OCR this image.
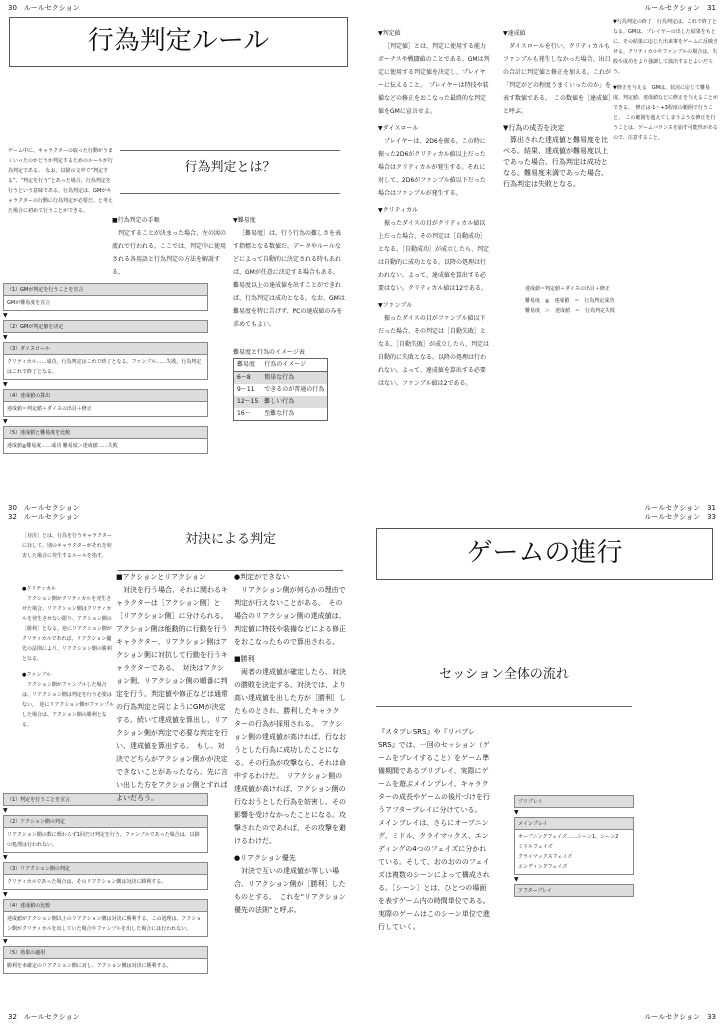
30　 ルールセクション	ルールセクション　 31
行為判定ルール
ゲーム中に、キャラクターの取った行動がうまくいったのかどうか判定するためのルールが行為判定である。　なお、以降の文中で“判定する”、“判定を行う”とあった場合、行為判定を行うという意味である。行為判定は、GMがキャラクターの行動に行為判定が必要だ、と考えた場合に初めて行うことができる。
行為判定とは？
（1）GMが判定を行うことを宣言
GMが難易度を宣言
▼
（2）GMが判定値を決定
▼
（3）ダイスロール
クリティカル……成功。行為判定はこれで終了となる。ファンブル……失敗。行為判定はこれで終了となる。
▼
（4）達成値の算出
達成値＝判定値＋ダイスの出目＋修正
▼
（5）達成値と難易度を比較
達成値≧難易度……成功 難易度＞達成値……失敗
■行為判定の手順
判定することが決まった場合、左の図の流れで行われる。ここでは、判定中に使用される各用語と行為判定の方法を解説する。
▼難易度
［難易度］は、行う行為の難しさを表す指標となる数値だ。データやルールなどによって自動的に決定される時もあれば、GMが任意に決定する場合もある。　難易度以上の達成値を出すことができれば、行為判定は成功となる。なお、GMは難易度を特に告げず、PCの達成値のみを求めてもよい。
難易度と行為のイメージ表
難易度	行為のイメージ
6〜8	簡単な行為
9〜11	できるのが普通の行為
12〜15	難しい行為
16〜	至難な行為
▼判定値
［判定値］とは、判定に使用する能力ボーナスや戦闘値のことである。GMは判定に使用する判定値を決定し、プレイヤーに伝えること。　プレイヤーは特技や装備などの修正をおこなった最終的な判定値をGMに宣言せよ。
▼ダイスロール
プレイヤーは、2D6を振る。この時に振った2D6がクリティカル値以上だった場合はクリティカルが発生する。それに対して、2D6がファンブル値以下だった場合はファンブルが発生する。
▼クリティカル
振ったダイスの目がクリティカル値以上だった場合、その判定は［自動成功］となる。［自動成功］が成立したら、判定は自動的に成功となる。以降の処理は行われない。よって、達成値を算出する必要はない。クリティカル値は12である。
▼ファンブル
振ったダイスの目がファンブル値以下だった場合、その判定は［自動失敗］となる。［自動失敗］が成立したら、判定は自動的に失敗となる。以降の処理は行われない。よって、達成値を算出する必要はない。ファンブル値は2である。
▼達成値
ダイスロールを行い、クリティカルもファンブルも発生しなかった場合、出目の合計に判定値と修正を加える。これが「判定がどの程度うまくいったのか」を表す数値である。　この数値を［達成値］と呼ぶ。
▼行為の成否を決定
算出された達成値と難易度を比べる。結果、達成値が難易度以上であった場合、行為判定は成功となる。難易度未満であった場合、行為判定は失敗となる。
▼行為判定の終了　行為判定は、これで終了となる。GMは、プレイヤーの出した結果をもとに、その結果に応じた出来事をゲームに反映させる。クリティカルやファンブルの場合は、失敗や成功をより強調して演出するとよいだろう。
▼修正を与える　GMは、状況に応じて難易度、判定値、達成値などに修正を与えることができる。　修正は-1〜+3程度の範囲で行うこと。　この範囲を超えてしまうような修正を行うことは、ゲームバランスを崩す可能性があるので、注意すること。
達成値＝判定値＋ダイスの出目＋修正
難易度　≦　達成値　＝　行為判定成功
難易度　＞　達成値　＝　行為判定失敗
30　 ルールセクション
32　 ルールセクション
ルールセクション　 31
ルールセクション　 33
［対決］とは、行為を行うキャラクターに対して、別のキャラクターがそれを妨害した場合に発生するルールを指す。
対決による判定
●クリティカル
アクション側がクリティカルを発生させた場合、リアクション側はクリティカルを発生させない限り、アクション側の［勝利］となる。逆にリアクション側がクリティカルであれば、リアクション優先の法則により、リアクション側の勝利となる。
●ファンブル
アクション側がファンブルした場合は、リアクション側は判定を行う必要はない。　逆にリアクション側がファンブルした場合は、アクション側の勝利となる。
（1）判定を行うことを宣言
▼
（2）アクション側の判定
リアクション側の数に関わらず1回だけ判定を行う。ファンブルであった場合は、以降の処理は行われない。
▼
（3）リアクション側の判定
クリティカルであった場合は、そのリアクション側は対決に勝利する。
▼
（4）達成値の比較
達成値がアクション側以上のリアクション側は対決に勝利する。この処理は、アクション側がクリティカルを出していた場合やファンブルを出した場合には行われない。
▼
（5）効果の適用
勝利を未確定のリアクション側に対し、アクション側は対決に勝利する。
■アクションとリアクション
対決を行う場合、それに関わるキャラクターは［アクション側］と［リアクション側］に分けられる。アクション側は能動的に行動を行うキャラクター、リアクション側はアクション側に対抗して行動を行うキャラクターである。　対決はアクション側、リアクション側の順番に判定を行う。判定値や修正などは通常の行為判定と同じようにGMが決定する。続いて達成値を算出し、リアクション側が判定で必要な判定を行い、達成値を算出する。　もし、対決でどちらがアクション側かが決定できないことがあったなら、先に言い出した方をアクション側とすればよいだろう。
●判定ができない
リアクション側が何らかの理由で判定が行えないことがある。　その場合のリアクション側の達成値は、判定値に特技や装備などによる修正をおこなったもので算出される。
■勝利
両者の達成値が確定したら、対決の勝敗を決定する。対決では、より高い達成値を出した方が［勝利］したものとされ、勝利したキャラクターの行為が採用される。　アクション側の達成値が高ければ、行なおうとした行為に成功したことになる。その行為が攻撃なら、それは命中するわけだ。　リアクション側の達成値が高ければ、アクション側の行なおうとした行為を妨害し、その影響を受けなかったことになる。攻撃されたのであれば、その攻撃を避けるわけだ。
●リアクション優先
対決で互いの達成値が等しい場合、リアクション側が［勝利］したものとする。　これを“リアクション優先の法則”と呼ぶ。
ゲームの進行
セッション全体の流れ
『スタブレSRS』や『リバプレSRS』では、一回のセッション（ゲームをプレイすること）をゲーム準備期間であるプリプレイ、実際にゲームを遊ぶメインプレイ、キャラクターの成長やゲームの後片づけを行うアフタープレイに分けている。　メインプレイは、さらにオープニング、ミドル、クライマックス、エンディングの4つのフェイズに分かれている。そして、おのおののフェイズは複数のシーンによって構成される。［シーン］とは、ひとつの場面を表すゲーム内の時間単位である。実際のゲームはこのシーン単位で進行していく。
プリプレイ
▼
メインプレイ
オープニングフェイズ……シーン1、シーン2
ミドルフェイズ
クライマックスフェイズ
エンディングフェイズ
▼
アフタープレイ
32　 ルールセクション	ルールセクション　 33
